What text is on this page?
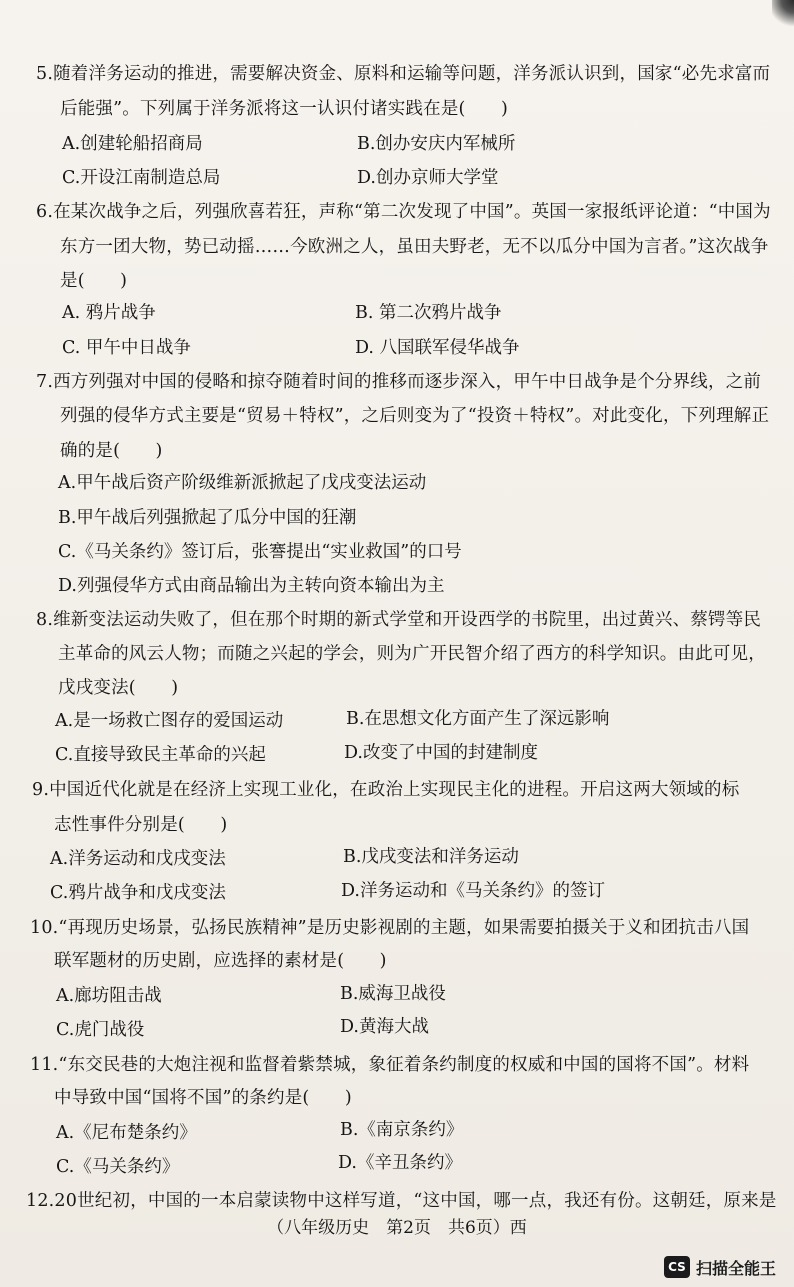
5.随着洋务运动的推进，需要解决资金、原料和运输等问题，洋务派认识到，国家“必先求富而
后能强”。下列属于洋务派将这一认识付诸实践在是(　　)
A.创建轮船招商局	B.创办安庆内军械所
C.开设江南制造总局	D.创办京师大学堂
6.在某次战争之后，列强欣喜若狂，声称“第二次发现了中国”。英国一家报纸评论道：“中国为
东方一团大物，势已动摇……今欧洲之人，虽田夫野老，无不以瓜分中国为言者。”这次战争
是(　　)
A. 鸦片战争	B. 第二次鸦片战争
C. 甲午中日战争	D. 八国联军侵华战争
7.西方列强对中国的侵略和掠夺随着时间的推移而逐步深入，甲午中日战争是个分界线，之前
列强的侵华方式主要是“贸易＋特权”，之后则变为了“投资＋特权”。对此变化，下列理解正
确的是(　　)
A.甲午战后资产阶级维新派掀起了戊戌变法运动
B.甲午战后列强掀起了瓜分中国的狂潮
C.《马关条约》签订后，张謇提出“实业救国”的口号
D.列强侵华方式由商品输出为主转向资本输出为主
8.维新变法运动失败了，但在那个时期的新式学堂和开设西学的书院里，出过黄兴、蔡锷等民
主革命的风云人物；而随之兴起的学会，则为广开民智介绍了西方的科学知识。由此可见，
戊戌变法(　　)
A.是一场救亡图存的爱国运动	B.在思想文化方面产生了深远影响
C.直接导致民主革命的兴起	D.改变了中国的封建制度
9.中国近代化就是在经济上实现工业化，在政治上实现民主化的进程。开启这两大领域的标
志性事件分别是(　　)
A.洋务运动和戊戌变法	B.戊戌变法和洋务运动
C.鸦片战争和戊戌变法	D.洋务运动和《马关条约》的签订
10.“再现历史场景，弘扬民族精神”是历史影视剧的主题，如果需要拍摄关于义和团抗击八国
联军题材的历史剧，应选择的素材是(　　)
A.廊坊阻击战	B.威海卫战役
C.虎门战役	D.黄海大战
11.“东交民巷的大炮注视和监督着紫禁城，象征着条约制度的权威和中国的国将不国”。材料
中导致中国“国将不国”的条约是(　　)
A.《尼布楚条约》	B.《南京条约》
C.《马关条约》	D.《辛丑条约》
12.20世纪初，中国的一本启蒙读物中这样写道，“这中国，哪一点，我还有份。这朝廷，原来是
（八年级历史　第2页　共6页）西
CS 扫描全能王
